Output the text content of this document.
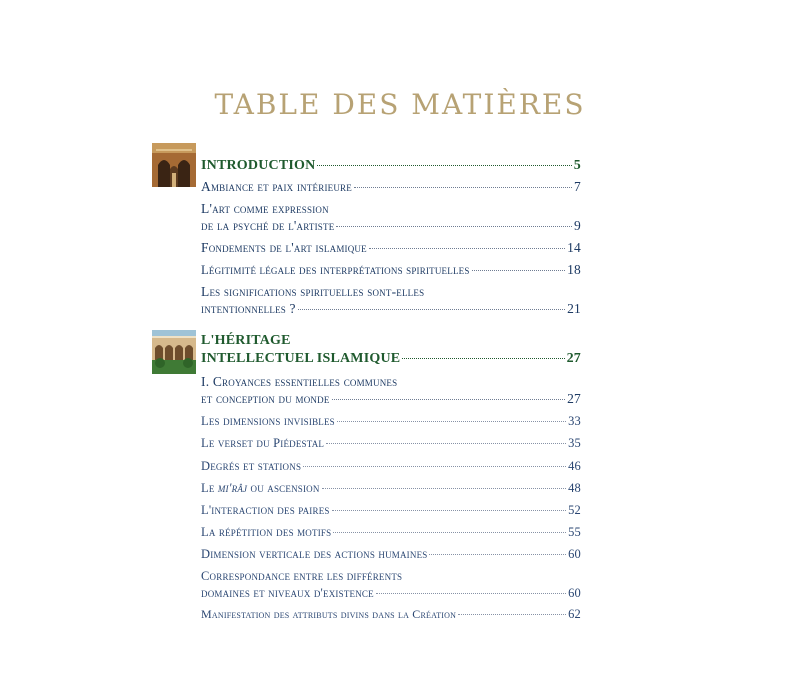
TABLE DES MATIÈRES
INTRODUCTION	5
Ambiance et paix intérieure	7
L'art comme expression
de la psyché de l'artiste	9
Fondements de l'art islamique	14
Légitimité légale des interprétations spirituelles	18
Les significations spirituelles sont-elles
intentionnelles ?	21
L'HÉRITAGE
INTELLECTUEL ISLAMIQUE	27
I. Croyances essentielles communes
et conception du monde	27
Les dimensions invisibles	33
Le verset du Piédestal	35
Degrés et stations	46
Le mi'râj ou ascension	48
L'interaction des paires	52
La répétition des motifs	55
Dimension verticale des actions humaines	60
Correspondance entre les différents
domaines et niveaux d'existence	60
Manifestation des attributs divins dans la Création	62
